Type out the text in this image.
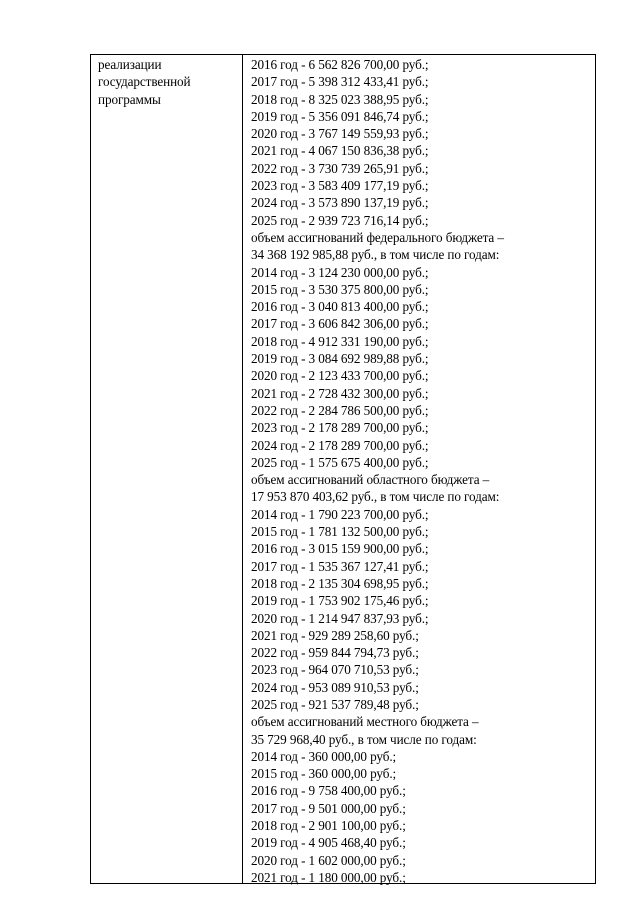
реализации
государственной
программы
2016 год - 6 562 826 700,00 руб.;
2017 год - 5 398 312 433,41 руб.;
2018 год - 8 325 023 388,95 руб.;
2019 год - 5 356 091 846,74 руб.;
2020 год - 3 767 149 559,93 руб.;
2021 год - 4 067 150 836,38 руб.;
2022 год - 3 730 739 265,91 руб.;
2023 год - 3 583 409 177,19 руб.;
2024 год - 3 573 890 137,19 руб.;
2025 год - 2 939 723 716,14 руб.;
объем ассигнований федерального бюджета –
34 368 192 985,88 руб., в том числе по годам:
2014 год - 3 124 230 000,00 руб.;
2015 год - 3 530 375 800,00 руб.;
2016 год - 3 040 813 400,00 руб.;
2017 год - 3 606 842 306,00 руб.;
2018 год - 4 912 331 190,00 руб.;
2019 год - 3 084 692 989,88 руб.;
2020 год - 2 123 433 700,00 руб.;
2021 год - 2 728 432 300,00 руб.;
2022 год - 2 284 786 500,00 руб.;
2023 год - 2 178 289 700,00 руб.;
2024 год - 2 178 289 700,00 руб.;
2025 год - 1 575 675 400,00 руб.;
объем ассигнований областного бюджета –
17 953 870 403,62 руб., в том числе по годам:
2014 год - 1 790 223 700,00 руб.;
2015 год - 1 781 132 500,00 руб.;
2016 год - 3 015 159 900,00 руб.;
2017 год - 1 535 367 127,41 руб.;
2018 год - 2 135 304 698,95 руб.;
2019 год - 1 753 902 175,46 руб.;
2020 год - 1 214 947 837,93 руб.;
2021 год - 929 289 258,60 руб.;
2022 год - 959 844 794,73 руб.;
2023 год - 964 070 710,53 руб.;
2024 год - 953 089 910,53 руб.;
2025 год - 921 537 789,48 руб.;
объем ассигнований местного бюджета –
35 729 968,40 руб., в том числе по годам:
2014 год - 360 000,00 руб.;
2015 год - 360 000,00 руб.;
2016 год - 9 758 400,00 руб.;
2017 год - 9 501 000,00 руб.;
2018 год - 2 901 100,00 руб.;
2019 год - 4 905 468,40 руб.;
2020 год - 1 602 000,00 руб.;
2021 год - 1 180 000,00 руб.;
